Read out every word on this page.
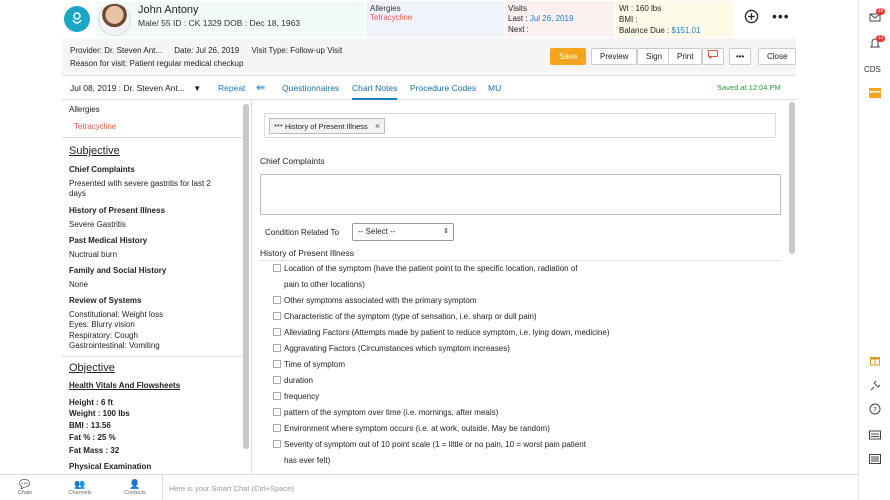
John Antony
Male/ 55 ID : CK 1329 DOB : Dec 18, 1963
Allergies
Tetracycline
Visits
Last : Jul 26, 2019
Next :
Wt : 160 lbs
BMI :
Balance Due : $151.01
•••	39
13
CDS
?
Provider: Dr. Steven Ant... Date: Jul 26, 2019 Visit Type: Follow-up Visit
Reason for visit: Patient regular medical checkup
Save	Preview	Sign	Print	•••	Close
Jul 08, 2019 : Dr. Steven Ant... ▼ Repeat ⇚ Questionnaires Chart Notes Procedure Codes MU	Saved at 12:04 PM
Allergies
Tetracycline
Subjective
Chief Complaints
Presented with severe gastritis for last 2
days
History of Present Illness
Severe Gastritis
Past Medical History
Nuctrual burn
Family and Social History
None
Review of Systems
Constitutional: Weight loss
Eyes: Blurry vision
Respiratory: Cough
Gastrointestinal: Vomiting
Objective
Health Vitals And Flowsheets
Height : 6 ft
Weight : 100 lbs
BMI : 13.56
Fat % : 25 %
Fat Mass : 32
Physical Examination
*** History of Present Illness ×
Chief Complaints
Condition Related To	-- Select --	⇕
History of Present Illness
Location of the symptom (have the patient point to the specific location, radiation of
pain to other locations)
Other symptoms associated with the primary symptom
Characteristic of the symptom (type of sensation, i.e. sharp or dull pain)
Alleviating Factors (Attempts made by patient to reduce symptom, i.e. lying down, medicine)
Aggravating Factors (Circumstances which symptom increases)
Time of symptom
duration
frequency
pattern of the symptom over time (i.e. mornings, after meals)
Environment where symptom occurs (i.e. at work, outside. May be random)
Severity of symptom out of 10 point scale (1 = little or no pain, 10 = worst pain patient
has ever felt)
💬
Chats
👥
Channels
👤
Contacts	Here is your Smart Chat (Ctrl+Space)
